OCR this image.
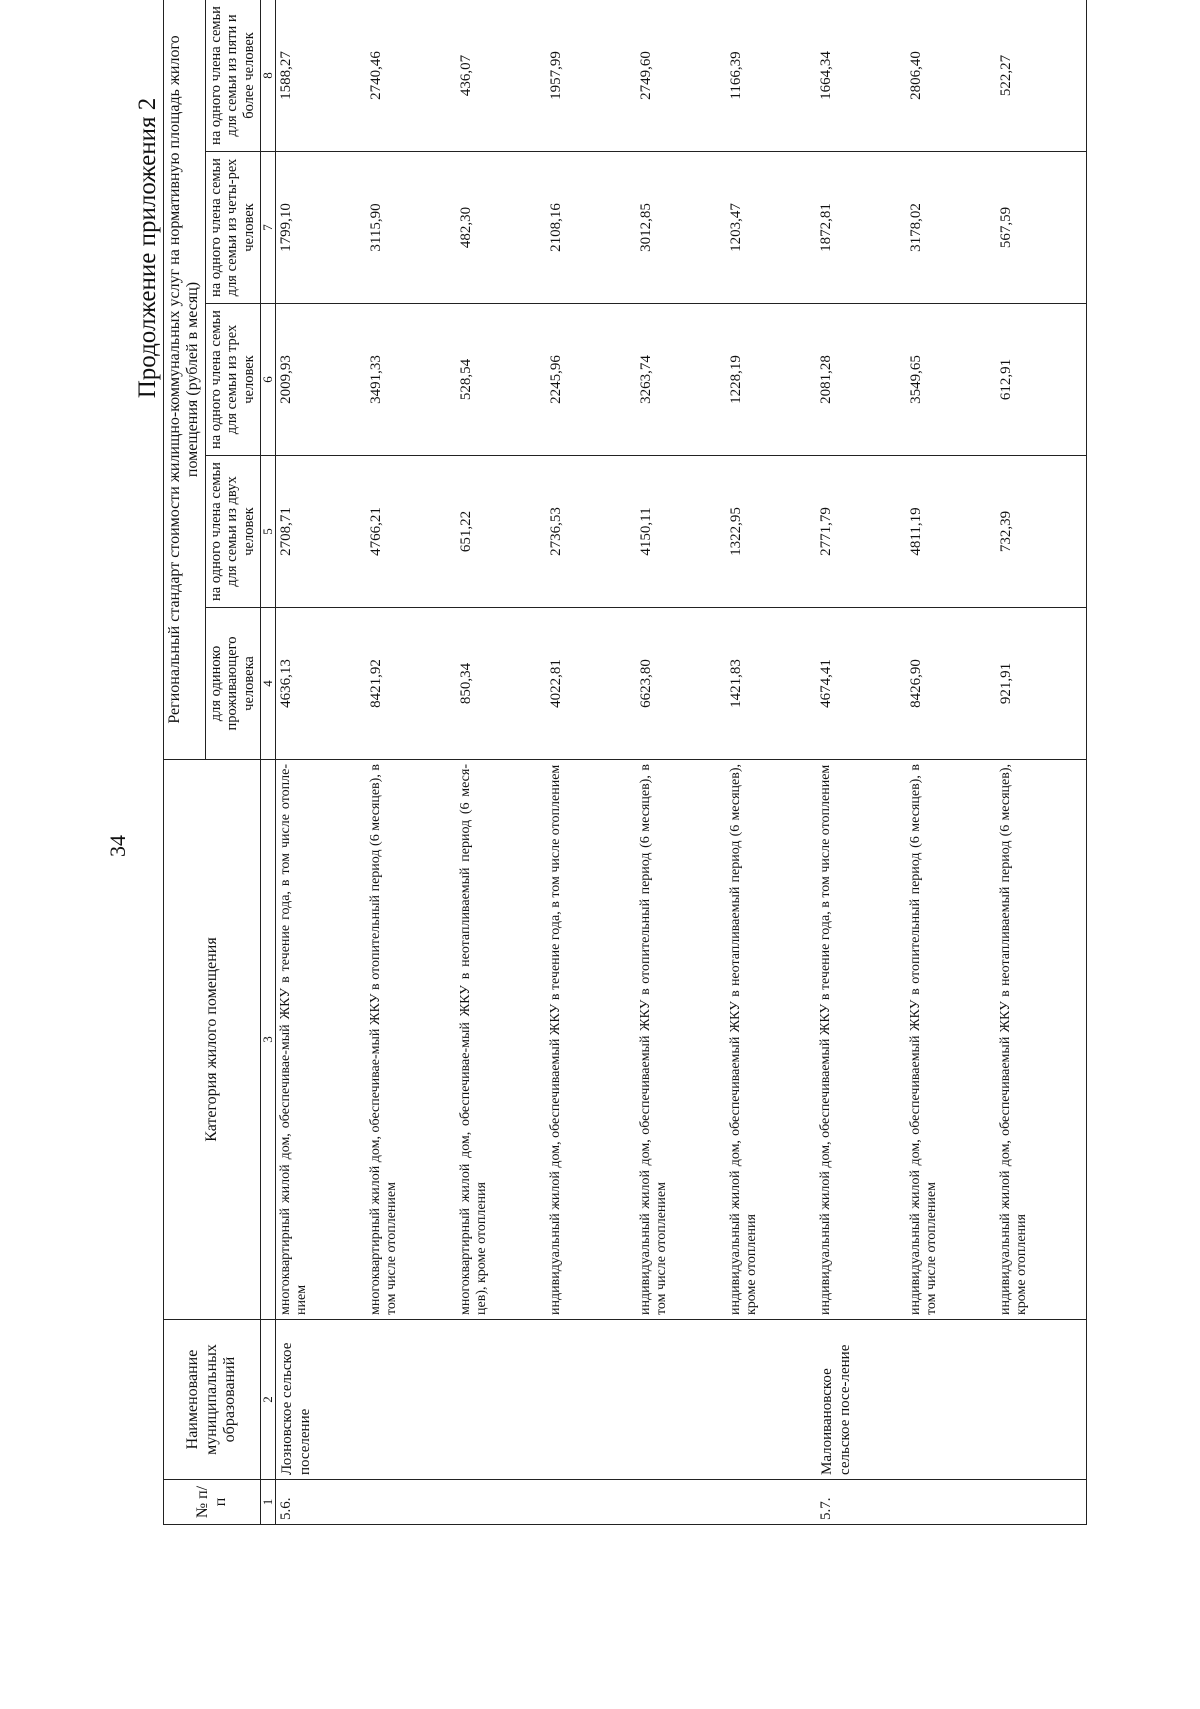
34
Продолжение приложения 2
№ п/п	Наименование муниципальных образований	Категория жилого помещения	Региональный стандарт стоимости жилищно-коммунальных услуг на нормативную площадь жилого помещения (рублей в месяц)				
			для одиноко проживающего человека	на одного члена семьи для семьи из двух человек	на одного члена семьи для семьи из трех человек	на одного члена семьи для семьи из четы-рех человек	на одного члена семьи для семьи из пяти и более человек
1	2	3	4	5	6	7	8
5.6.	Лозновское сельское поселение	многоквартирный жилой дом, обеспечивае-мый ЖКУ в течение года, в том числе отопле-нием	4636,13	2708,71	2009,93	1799,10	1588,27
		многоквартирный жилой дом, обеспечивае-мый ЖКУ в отопительный период (6 месяцев), в том числе отоплением	8421,92	4766,21	3491,33	3115,90	2740,46
		многоквартирный жилой дом, обеспечивае-мый ЖКУ в неотапливаемый период (6 меся-цев), кроме отопления	850,34	651,22	528,54	482,30	436,07
		индивидуальный жилой дом, обеспечиваемый ЖКУ в течение года, в том числе отоплением	4022,81	2736,53	2245,96	2108,16	1957,99
		индивидуальный жилой дом, обеспечиваемый ЖКУ в отопительный период (6 месяцев), в том числе отоплением	6623,80	4150,11	3263,74	3012,85	2749,60
		индивидуальный жилой дом, обеспечиваемый ЖКУ в неотапливаемый период (6 месяцев), кроме отопления	1421,83	1322,95	1228,19	1203,47	1166,39
5.7.	Малоивановское сельское посе-ление	индивидуальный жилой дом, обеспечиваемый ЖКУ в течение года, в том числе отоплением	4674,41	2771,79	2081,28	1872,81	1664,34
		индивидуальный жилой дом, обеспечиваемый ЖКУ в отопительный период (6 месяцев), в том числе отоплением	8426,90	4811,19	3549,65	3178,02	2806,40
		индивидуальный жилой дом, обеспечиваемый ЖКУ в неотапливаемый период (6 месяцев), кроме отопления	921,91	732,39	612,91	567,59	522,27
